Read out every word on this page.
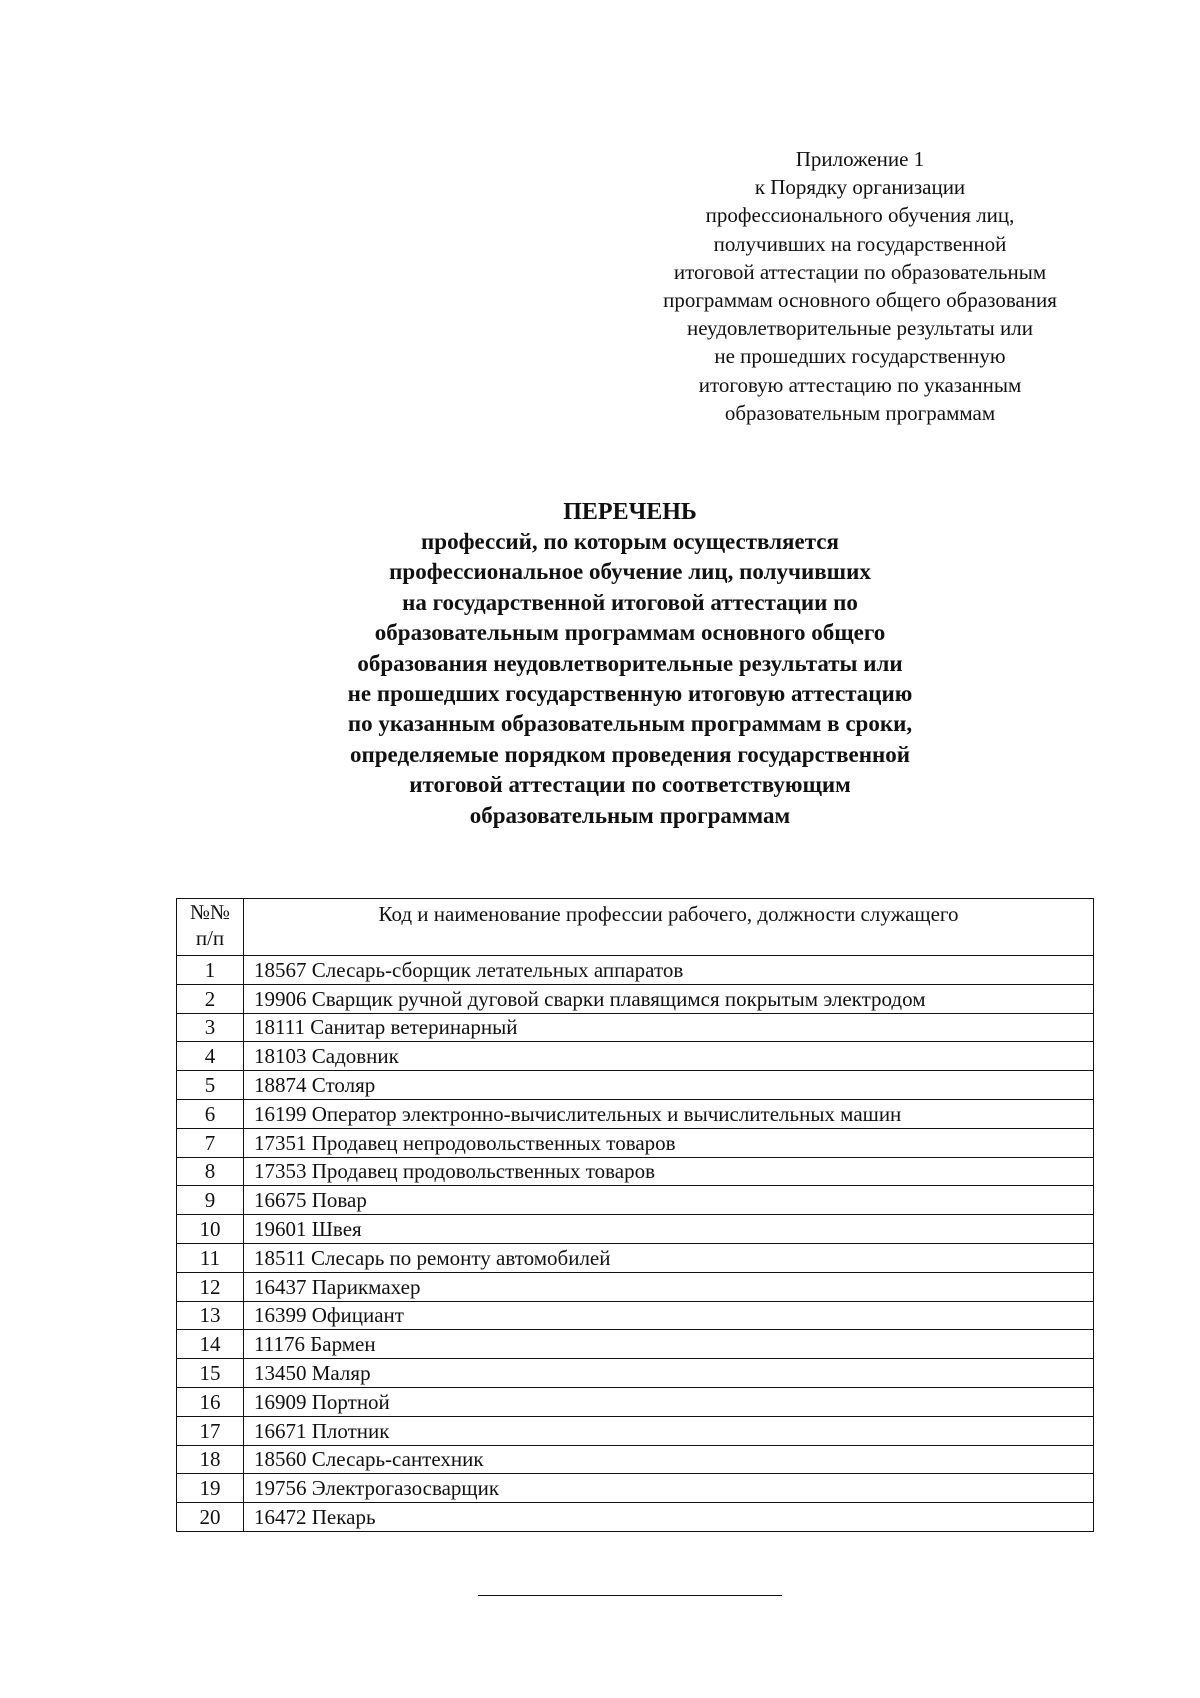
Приложение 1
к Порядку организации
профессионального обучения лиц,
получивших на государственной
итоговой аттестации по образовательным
программам основного общего образования
неудовлетворительные результаты или
не прошедших государственную
итоговую аттестацию по указанным
образовательным программам
ПЕРЕЧЕНЬ
профессий, по которым осуществляется
профессиональное обучение лиц, получивших
на государственной итоговой аттестации по
образовательным программам основного общего
образования неудовлетворительные результаты или
не прошедших государственную итоговую аттестацию
по указанным образовательным программам в сроки,
определяемые порядком проведения государственной
итоговой аттестации по соответствующим
образовательным программам
№№
п/п	Код и наименование профессии рабочего, должности служащего
1	18567 Слесарь-сборщик летательных аппаратов
2	19906 Сварщик ручной дуговой сварки плавящимся покрытым электродом
3	18111 Санитар ветеринарный
4	18103 Садовник
5	18874 Столяр
6	16199 Оператор электронно-вычислительных и вычислительных машин
7	17351 Продавец непродовольственных товаров
8	17353 Продавец продовольственных товаров
9	16675 Повар
10	19601 Швея
11	18511 Слесарь по ремонту автомобилей
12	16437 Парикмахер
13	16399 Официант
14	11176 Бармен
15	13450 Маляр
16	16909 Портной
17	16671 Плотник
18	18560 Слесарь-сантехник
19	19756 Электрогазосварщик
20	16472 Пекарь
